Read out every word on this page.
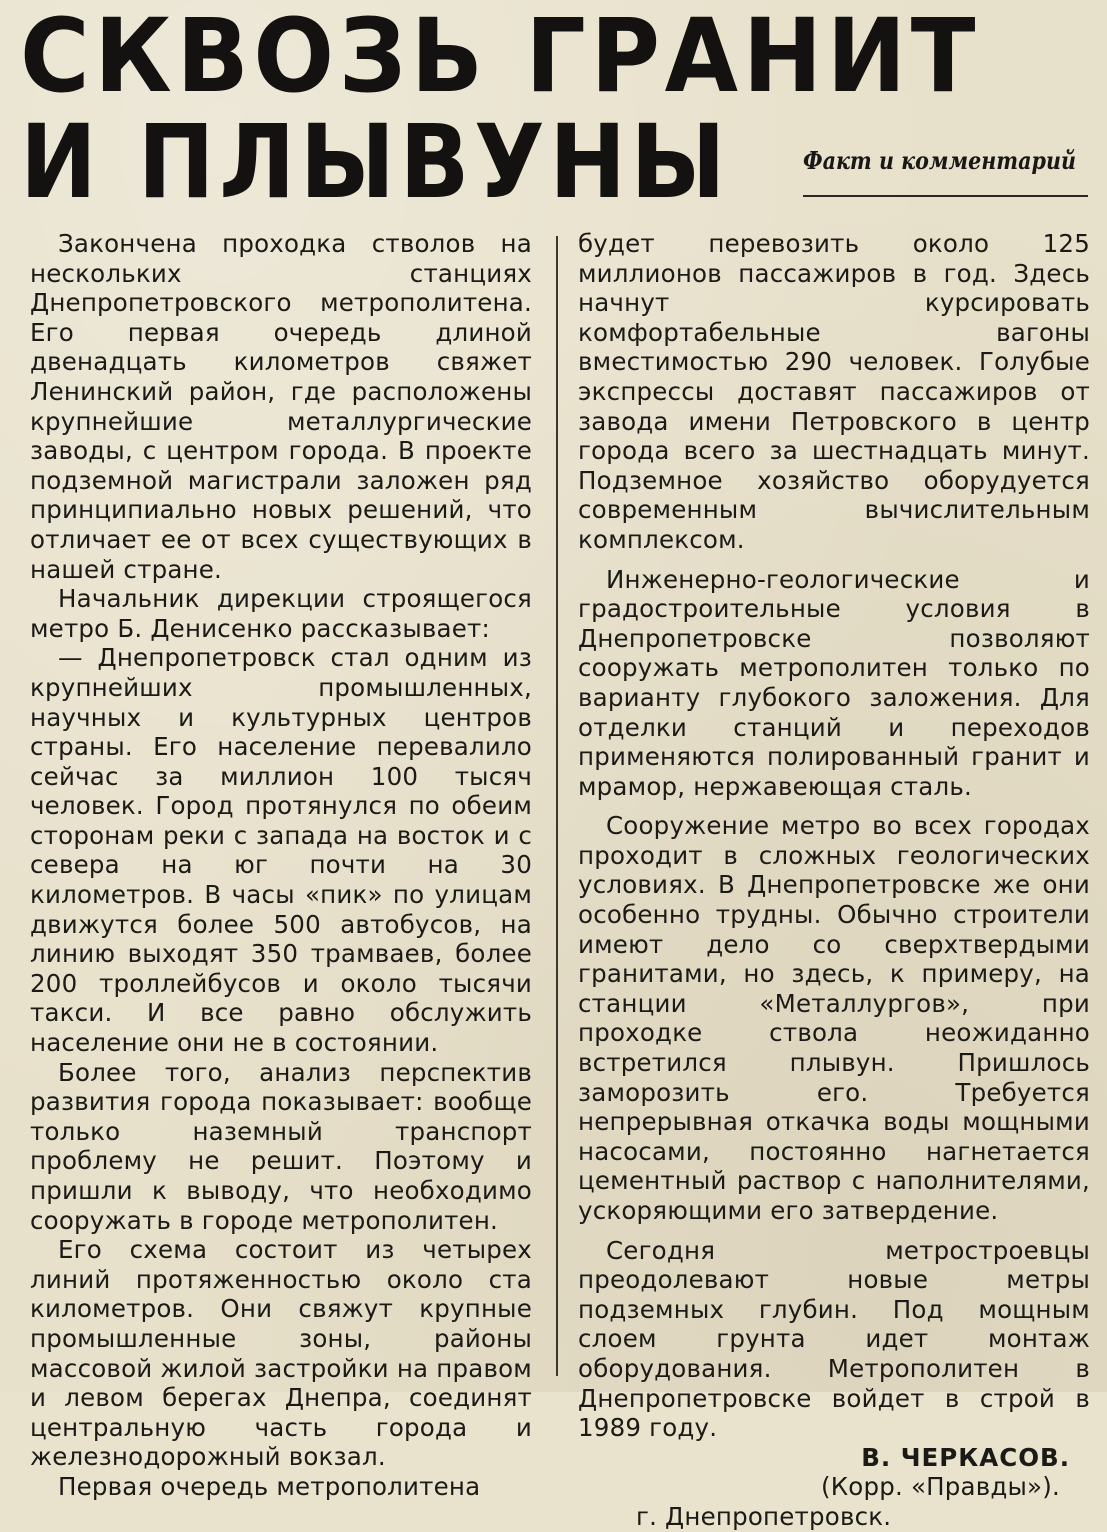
СКВОЗЬ ГРАНИТ
И ПЛЫВУНЫ	Факт и комментарий

Закончена проходка стволов на нескольких станциях Днепропетровского метрополитена. Его первая очередь длиной двенадцать километров свяжет Ленинский район, где расположены крупнейшие металлургические заводы, с центром города. В проекте подземной магистрали заложен ряд принципиально новых решений, что отличает ее от всех существующих в нашей стране.

Начальник дирекции строящегося метро Б. Денисенко рассказывает:

— Днепропетровск стал одним из крупнейших промышленных, научных и культурных центров страны. Его население перевалило сейчас за миллион 100 тысяч человек. Город протянулся по обеим сторонам реки с запада на восток и с севера на юг почти на 30 километров. В часы «пик» по улицам движутся более 500 автобусов, на линию выходят 350 трамваев, более 200 троллейбусов и около тысячи такси. И все равно обслужить население они не в состоянии.

Более того, анализ перспектив развития города показывает: вообще только наземный транспорт проблему не решит. Поэтому и пришли к выводу, что необходимо сооружать в городе метрополитен.

Его схема состоит из четырех линий протяженностью около ста километров. Они свяжут крупные промышленные зоны, районы массовой жилой застройки на правом и левом берегах Днепра, соединят центральную часть города и железнодорожный вокзал.

Первая очередь метрополитена

будет перевозить около 125 миллионов пассажиров в год. Здесь начнут курсировать комфортабельные вагоны вместимостью 290 человек. Голубые экспрессы доставят пассажиров от завода имени Петровского в центр города всего за шестнадцать минут. Подземное хозяйство оборудуется современным вычислительным комплексом.

Инженерно-геологические и градостроительные условия в Днепропетровске позволяют сооружать метрополитен только по варианту глубокого заложения. Для отделки станций и переходов применяются полированный гранит и мрамор, нержавеющая сталь.

Сооружение метро во всех городах проходит в сложных геологических условиях. В Днепропетровске же они особенно трудны. Обычно строители имеют дело со сверхтвердыми гранитами, но здесь, к примеру, на станции «Металлургов», при проходке ствола неожиданно встретился плывун. Пришлось заморозить его. Требуется непрерывная откачка воды мощными насосами, постоянно нагнетается цементный раствор с наполнителями, ускоряющими его затвердение.

Сегодня метростроевцы преодолевают новые метры подземных глубин. Под мощным слоем грунта идет монтаж оборудования. Метрополитен в Днепропетровске войдет в строй в 1989 году.

В. ЧЕРКАСОВ.

(Корр. «Правды»).

г. Днепропетровск.
